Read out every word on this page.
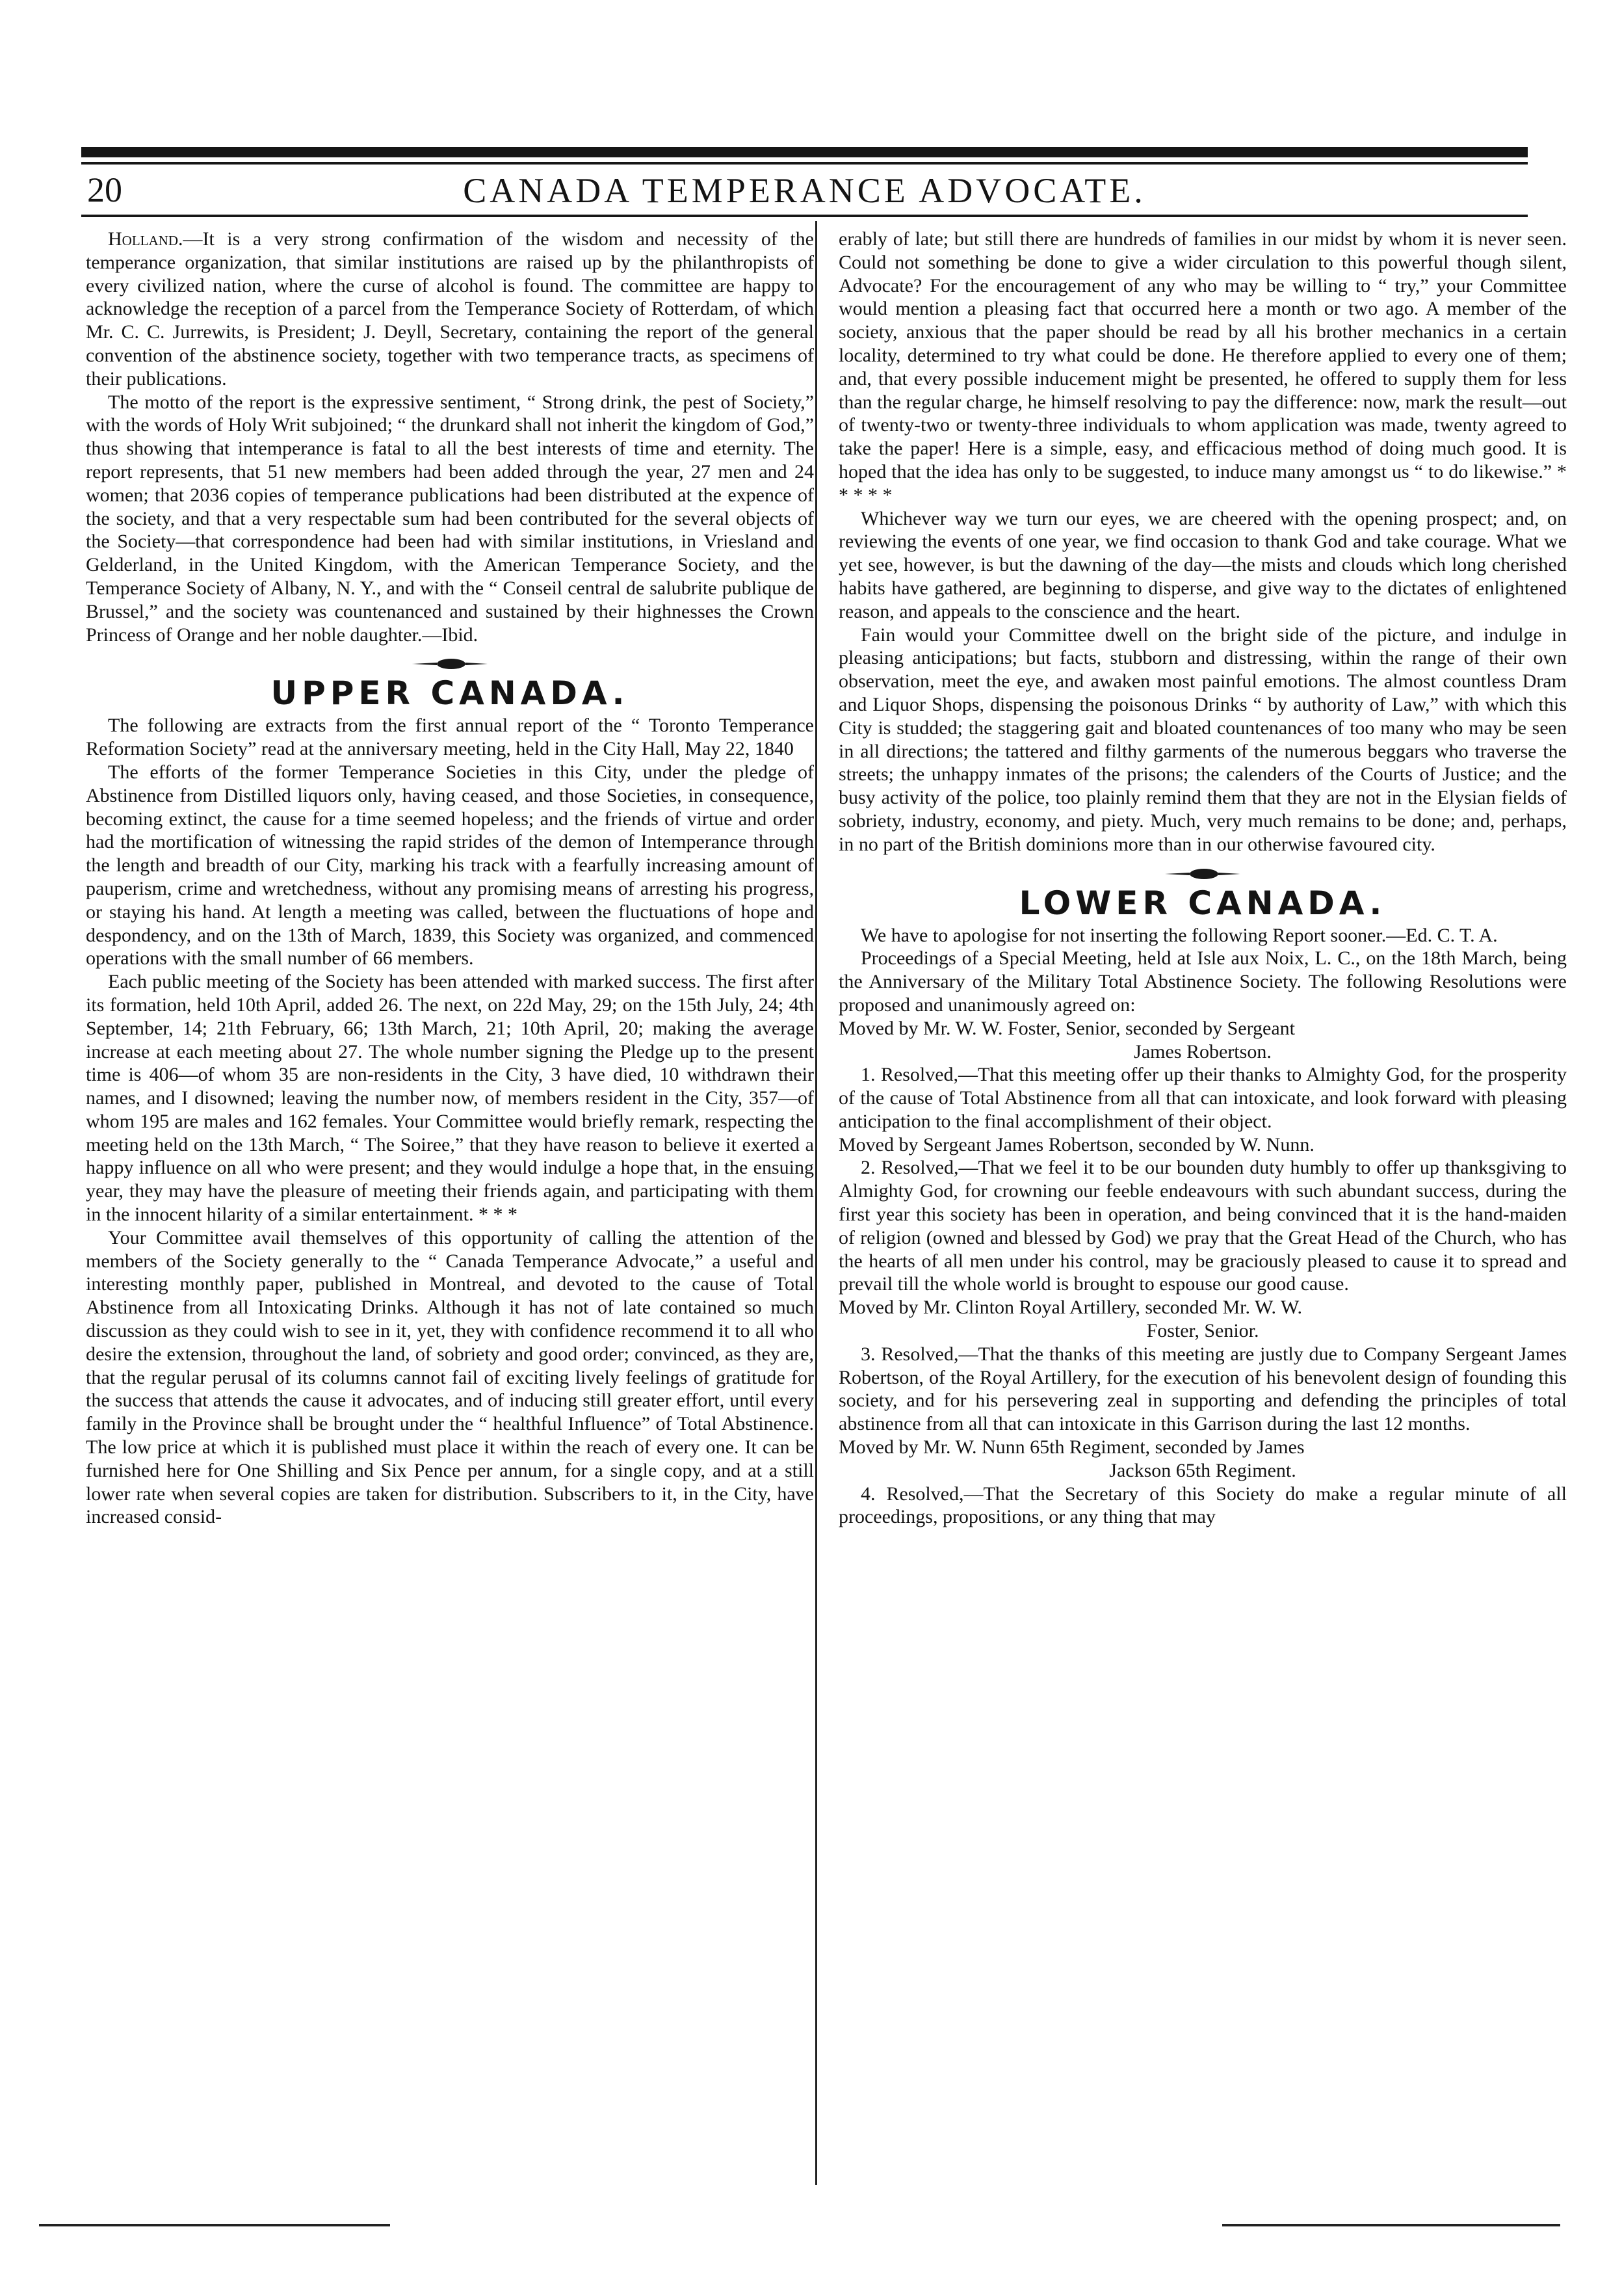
20	CANADA TEMPERANCE ADVOCATE.

Holland.—It is a very strong confirmation of the wisdom and necessity of the temperance organization, that similar institutions are raised up by the philanthropists of every civilized nation, where the curse of alcohol is found. The committee are happy to acknowledge the reception of a parcel from the Temperance Society of Rotterdam, of which Mr. C. C. Jurrewits, is President; J. Deyll, Secretary, containing the report of the general convention of the abstinence society, together with two temperance tracts, as specimens of their publications.

The motto of the report is the expressive sentiment, “ Strong drink, the pest of Society,” with the words of Holy Writ subjoined; “ the drunkard shall not inherit the kingdom of God,” thus showing that intemperance is fatal to all the best interests of time and eternity. The report represents, that 51 new members had been added through the year, 27 men and 24 women; that 2036 copies of temperance publications had been distributed at the expence of the society, and that a very respectable sum had been contributed for the several objects of the Society—that correspondence had been had with similar institutions, in Vriesland and Gelderland, in the United Kingdom, with the American Temperance Society, and the Temperance Society of Albany, N. Y., and with the “ Conseil central de salubrite publique de Brussel,” and the society was countenanced and sustained by their highnesses the Crown Princess of Orange and her noble daughter.—Ibid.

UPPER CANADA.

The following are extracts from the first annual report of the “ Toronto Temperance Reformation Society” read at the anniversary meeting, held in the City Hall, May 22, 1840

The efforts of the former Temperance Societies in this City, under the pledge of Abstinence from Distilled liquors only, having ceased, and those Societies, in consequence, becoming extinct, the cause for a time seemed hopeless; and the friends of virtue and order had the mortification of witnessing the rapid strides of the demon of Intemperance through the length and breadth of our City, marking his track with a fearfully increasing amount of pauperism, crime and wretchedness, without any promising means of arresting his progress, or staying his hand. At length a meeting was called, between the fluctuations of hope and despondency, and on the 13th of March, 1839, this Society was organized, and commenced operations with the small number of 66 members.

Each public meeting of the Society has been attended with marked success. The first after its formation, held 10th April, added 26. The next, on 22d May, 29; on the 15th July, 24; 4th September, 14; 21th February, 66; 13th March, 21; 10th April, 20; making the average increase at each meeting about 27. The whole number signing the Pledge up to the present time is 406—of whom 35 are non-residents in the City, 3 have died, 10 withdrawn their names, and I disowned; leaving the number now, of members resident in the City, 357—of whom 195 are males and 162 females. Your Committee would briefly remark, respecting the meeting held on the 13th March, “ The Soiree,” that they have reason to believe it exerted a happy influence on all who were present; and they would indulge a hope that, in the ensuing year, they may have the pleasure of meeting their friends again, and participating with them in the innocent hilarity of a similar entertainment. * * *

Your Committee avail themselves of this opportunity of calling the attention of the members of the Society generally to the “ Canada Temperance Advocate,” a useful and interesting monthly paper, published in Montreal, and devoted to the cause of Total Abstinence from all Intoxicating Drinks. Although it has not of late contained so much discussion as they could wish to see in it, yet, they with confidence recommend it to all who desire the extension, throughout the land, of sobriety and good order; convinced, as they are, that the regular perusal of its columns cannot fail of exciting lively feelings of gratitude for the success that attends the cause it advocates, and of inducing still greater effort, until every family in the Province shall be brought under the “ healthful Influence” of Total Abstinence. The low price at which it is published must place it within the reach of every one. It can be furnished here for One Shilling and Six Pence per annum, for a single copy, and at a still lower rate when several copies are taken for distribution. Subscribers to it, in the City, have increased consid-

erably of late; but still there are hundreds of families in our midst by whom it is never seen. Could not something be done to give a wider circulation to this powerful though silent, Advocate? For the encouragement of any who may be willing to “ try,” your Committee would mention a pleasing fact that occurred here a month or two ago. A member of the society, anxious that the paper should be read by all his brother mechanics in a certain locality, determined to try what could be done. He therefore applied to every one of them; and, that every possible inducement might be presented, he offered to supply them for less than the regular charge, he himself resolving to pay the difference: now, mark the result—out of twenty-two or twenty-three individuals to whom application was made, twenty agreed to take the paper! Here is a simple, easy, and efficacious method of doing much good. It is hoped that the idea has only to be suggested, to induce many amongst us “ to do likewise.” * * * * *

Whichever way we turn our eyes, we are cheered with the opening prospect; and, on reviewing the events of one year, we find occasion to thank God and take courage. What we yet see, however, is but the dawning of the day—the mists and clouds which long cherished habits have gathered, are beginning to disperse, and give way to the dictates of enlightened reason, and appeals to the conscience and the heart.

Fain would your Committee dwell on the bright side of the picture, and indulge in pleasing anticipations; but facts, stubborn and distressing, within the range of their own observation, meet the eye, and awaken most painful emotions. The almost countless Dram and Liquor Shops, dispensing the poisonous Drinks “ by authority of Law,” with which this City is studded; the staggering gait and bloated countenances of too many who may be seen in all directions; the tattered and filthy garments of the numerous beggars who traverse the streets; the unhappy inmates of the prisons; the calenders of the Courts of Justice; and the busy activity of the police, too plainly remind them that they are not in the Elysian fields of sobriety, industry, economy, and piety. Much, very much remains to be done; and, perhaps, in no part of the British dominions more than in our otherwise favoured city.

LOWER CANADA.

We have to apologise for not inserting the following Report sooner.—Ed. C. T. A.

Proceedings of a Special Meeting, held at Isle aux Noix, L. C., on the 18th March, being the Anniversary of the Military Total Abstinence Society. The following Resolutions were proposed and unanimously agreed on:

Moved by Mr. W. W. Foster, Senior, seconded by Sergeant

James Robertson.

1. Resolved,—That this meeting offer up their thanks to Almighty God, for the prosperity of the cause of Total Abstinence from all that can intoxicate, and look forward with pleasing anticipation to the final accomplishment of their object.

Moved by Sergeant James Robertson, seconded by W. Nunn.

2. Resolved,—That we feel it to be our bounden duty humbly to offer up thanksgiving to Almighty God, for crowning our feeble endeavours with such abundant success, during the first year this society has been in operation, and being convinced that it is the hand-maiden of religion (owned and blessed by God) we pray that the Great Head of the Church, who has the hearts of all men under his control, may be graciously pleased to cause it to spread and prevail till the whole world is brought to espouse our good cause.

Moved by Mr. Clinton Royal Artillery, seconded Mr. W. W.

Foster, Senior.

3. Resolved,—That the thanks of this meeting are justly due to Company Sergeant James Robertson, of the Royal Artillery, for the execution of his benevolent design of founding this society, and for his persevering zeal in supporting and defending the principles of total abstinence from all that can intoxicate in this Garrison during the last 12 months.

Moved by Mr. W. Nunn 65th Regiment, seconded by James

Jackson 65th Regiment.

4. Resolved,—That the Secretary of this Society do make a regular minute of all proceedings, propositions, or any thing that may
